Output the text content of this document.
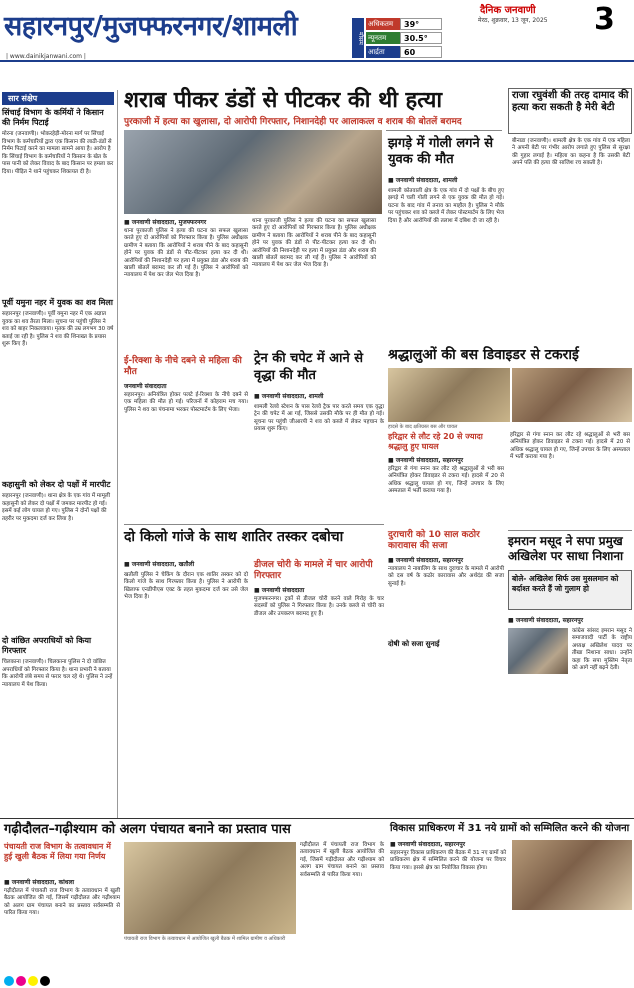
सहारनपुर/मुजफ्फरनगर/शामली
| www.dainikjanwani.com |
मौसम
अधिकतम	39°
न्यूनतम	30.5°
आर्द्रता	60
दैनिक जनवाणी
मेरठ, शुक्रवार, 13 जून, 2025 3
सार संक्षेप
सिंचाई विभाग के कर्मियों ने किसान की निर्मम पिटाई
मोरना (जनवाणी)। भोकरहेड़ी-मोरना मार्ग पर सिंचाई विभाग के कर्मचारियों द्वारा एक किसान की लाठी-डंडों से निर्मम पिटाई करने का मामला सामने आया है। आरोप है कि सिंचाई विभाग के कर्मचारियों ने किसान के खेत के पास पानी को लेकर विवाद के बाद किसान पर हमला कर दिया। पीड़ित ने थाने पहुंचकर शिकायत दी है।
पूर्वी यमुना नहर में युवक का शव मिला
सहारनपुर (जनवाणी)। पूर्वी यमुना नहर में एक अज्ञात युवक का शव तैरता मिला। सूचना पर पहुंची पुलिस ने शव को बाहर निकलवाया। मृतक की उम्र लगभग 30 वर्ष बताई जा रही है। पुलिस ने शव की शिनाख्त के प्रयास शुरू किए हैं।
कहासुनी को लेकर दो पक्षों में मारपीट
सहारनपुर (जनवाणी)। थाना क्षेत्र के एक गांव में मामूली कहासुनी को लेकर दो पक्षों में जमकर मारपीट हो गई। इसमें कई लोग घायल हो गए। पुलिस ने दोनों पक्षों की तहरीर पर मुकदमा दर्ज कर लिया है।
दो वांछित अपराधियों को किया गिरफ्तार
चिलकाना (जनवाणी)। चिलकाना पुलिस ने दो वांछित अपराधियों को गिरफ्तार किया है। थाना प्रभारी ने बताया कि आरोपी लंबे समय से फरार चल रहे थे। पुलिस ने उन्हें न्यायालय में पेश किया।
शराब पीकर डंडों से पीटकर की थी हत्या
पुरकाजी में हत्या का खुलासा, दो आरोपी गिरफ्तार, निशानदेही पर आलाकत्ल व शराब की बोतलें बरामद
■ जनवाणी संवाददाता, मुजफ्फरनगर
थाना पुरकाजी पुलिस ने हत्या की घटना का सफल खुलासा करते हुए दो आरोपियों को गिरफ्तार किया है। पुलिस अधीक्षक ग्रामीण ने बताया कि आरोपियों ने शराब पीने के बाद कहासुनी होने पर युवक की डंडों से पीट-पीटकर हत्या कर दी थी। आरोपियों की निशानदेही पर हत्या में प्रयुक्त डंडा और शराब की खाली बोतलें बरामद कर ली गई हैं। पुलिस ने आरोपियों को न्यायालय में पेश कर जेल भेज दिया है।
थाना पुरकाजी पुलिस ने हत्या की घटना का सफल खुलासा करते हुए दो आरोपियों को गिरफ्तार किया है। पुलिस अधीक्षक ग्रामीण ने बताया कि आरोपियों ने शराब पीने के बाद कहासुनी होने पर युवक की डंडों से पीट-पीटकर हत्या कर दी थी। आरोपियों की निशानदेही पर हत्या में प्रयुक्त डंडा और शराब की खाली बोतलें बरामद कर ली गई हैं। पुलिस ने आरोपियों को न्यायालय में पेश कर जेल भेज दिया है।
राजा रघुवंशी की तरह दामाद की हत्या करा सकती है मेरी बेटी
बीनाडा (जनवाणी)। शामली क्षेत्र के एक गांव में एक महिला ने अपनी बेटी पर गंभीर आरोप लगाते हुए पुलिस से सुरक्षा की गुहार लगाई है। महिला का कहना है कि उसकी बेटी अपने पति की हत्या की साजिश रच सकती है।
झगड़े में गोली लगने से युवक की मौत
■ जनवाणी संवाददाता, शामली
शामली कोतवाली क्षेत्र के एक गांव में दो पक्षों के बीच हुए झगड़े में चली गोली लगने से एक युवक की मौत हो गई। घटना के बाद गांव में तनाव का माहौल है। पुलिस ने मौके पर पहुंचकर शव को कब्जे में लेकर पोस्टमार्टम के लिए भेज दिया है और आरोपियों की तलाश में दबिश दी जा रही है।
ई-रिक्शा के नीचे दबने से महिला की मौत
जनवाणी संवाददाता
सहारनपुर। अनियंत्रित होकर पलटे ई-रिक्शा के नीचे दबने से एक महिला की मौत हो गई। परिजनों में कोहराम मच गया। पुलिस ने शव का पंचनामा भरकर पोस्टमार्टम के लिए भेजा।
ट्रेन की चपेट में आने से वृद्धा की मौत
■ जनवाणी संवाददाता, शामली
शामली रेलवे स्टेशन के पास रेलवे ट्रैक पार करते समय एक वृद्धा ट्रेन की चपेट में आ गई, जिससे उसकी मौके पर ही मौत हो गई। सूचना पर पहुंची जीआरपी ने शव को कब्जे में लेकर पहचान के प्रयास शुरू किए।
श्रद्धालुओं की बस डिवाइडर से टकराई
हादसे के बाद क्षतिग्रस्त बस और घायल
हरिद्वार से लौट रहे 20 से ज्यादा श्रद्धालु हुए घायल
■ जनवाणी संवाददाता, सहारनपुर
हरिद्वार से गंगा स्नान कर लौट रहे श्रद्धालुओं से भरी बस अनियंत्रित होकर डिवाइडर से टकरा गई। हादसे में 20 से अधिक श्रद्धालु घायल हो गए, जिन्हें उपचार के लिए अस्पताल में भर्ती कराया गया है।
हरिद्वार से गंगा स्नान कर लौट रहे श्रद्धालुओं से भरी बस अनियंत्रित होकर डिवाइडर से टकरा गई। हादसे में 20 से अधिक श्रद्धालु घायल हो गए, जिन्हें उपचार के लिए अस्पताल में भर्ती कराया गया है।
दुराचारी को 10 साल कठोर कारावास की सजा
■ जनवाणी संवाददाता, सहारनपुर
न्यायालय ने नाबालिग के साथ दुराचार के मामले में आरोपी को दस वर्ष के कठोर कारावास और अर्थदंड की सजा सुनाई है।
दोषी को सजा सुनाई
दो किलो गांजे के साथ शातिर तस्कर दबोचा
■ जनवाणी संवाददाता, खतौली
खतौली पुलिस ने चेकिंग के दौरान एक शातिर तस्कर को दो किलो गांजे के साथ गिरफ्तार किया है। पुलिस ने आरोपी के खिलाफ एनडीपीएस एक्ट के तहत मुकदमा दर्ज कर उसे जेल भेज दिया है।
डीजल चोरी के मामले में चार आरोपी गिरफ्तार
■ जनवाणी संवाददाता
मुजफ्फरनगर। ट्रकों से डीजल चोरी करने वाले गिरोह के चार सदस्यों को पुलिस ने गिरफ्तार किया है। उनके कब्जे से चोरी का डीजल और उपकरण बरामद हुए हैं।
इमरान मसूद ने सपा प्रमुख अखिलेश पर साधा निशाना
बोले- अखिलेश सिर्फ उस मुसलमान को बर्दाश्त करते हैं जो गुलाम हो
■ जनवाणी संवाददाता, सहारनपुर
कांग्रेस सांसद इमरान मसूद ने समाजवादी पार्टी के राष्ट्रीय अध्यक्ष अखिलेश यादव पर तीखा निशाना साधा। उन्होंने कहा कि सपा मुस्लिम नेतृत्व को आगे नहीं बढ़ने देती।
गढ़ीदौलत–गढ़ीश्याम को अलग पंचायत बनाने का प्रस्ताव पास
पंचायती राज विभाग के तत्वावधान में हुई खुली बैठक में लिया गया निर्णय
■ जनवाणी संवाददाता, कांधला
गढ़ीदौलत में पंचायती राज विभाग के तत्वावधान में खुली बैठक आयोजित की गई, जिसमें गढ़ीदौलत और गढ़ीश्याम को अलग ग्राम पंचायत बनाने का प्रस्ताव सर्वसम्मति से पारित किया गया।
पंचायती राज विभाग के तत्वावधान में आयोजित खुली बैठक में शामिल ग्रामीण व अधिकारी
गढ़ीदौलत में पंचायती राज विभाग के तत्वावधान में खुली बैठक आयोजित की गई, जिसमें गढ़ीदौलत और गढ़ीश्याम को अलग ग्राम पंचायत बनाने का प्रस्ताव सर्वसम्मति से पारित किया गया।
विकास प्राधिकरण में 31 नये ग्रामों को सम्मिलित करने की योजना
■ जनवाणी संवाददाता, सहारनपुर
सहारनपुर विकास प्राधिकरण की बैठक में 31 नए ग्रामों को प्राधिकरण क्षेत्र में सम्मिलित करने की योजना पर विचार किया गया। इससे क्षेत्र का नियोजित विकास होगा।
